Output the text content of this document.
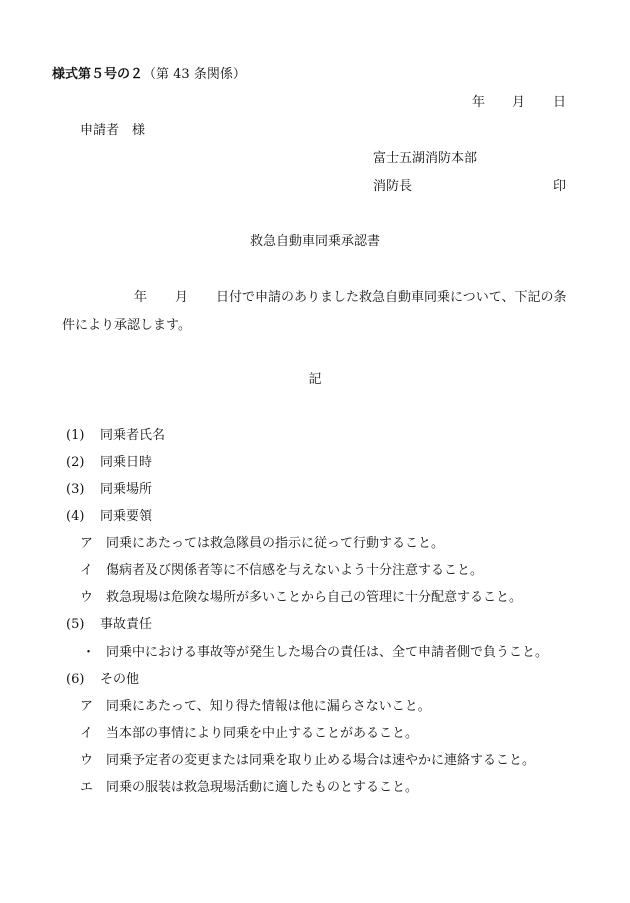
様式第５号の２（第 43 条関係）
年 月 日
申請者　様
富士五湖消防本部
消防長	印
救急自動車同乗承認書
年 月 日付で申請のありました救急自動車同乗について、下記の条
件により承認します。
記
(1) 同乗者氏名
(2) 同乗日時
(3) 同乗場所
(4) 同乗要領
ア 同乗にあたっては救急隊員の指示に従って行動すること。
イ 傷病者及び関係者等に不信感を与えないよう十分注意すること。
ウ 救急現場は危険な場所が多いことから自己の管理に十分配意すること。
(5) 事故責任
・ 同乗中における事故等が発生した場合の責任は、全て申請者側で負うこと。
(6) その他
ア 同乗にあたって、知り得た情報は他に漏らさないこと。
イ 当本部の事情により同乗を中止することがあること。
ウ 同乗予定者の変更または同乗を取り止める場合は速やかに連絡すること。
エ 同乗の服装は救急現場活動に適したものとすること。
